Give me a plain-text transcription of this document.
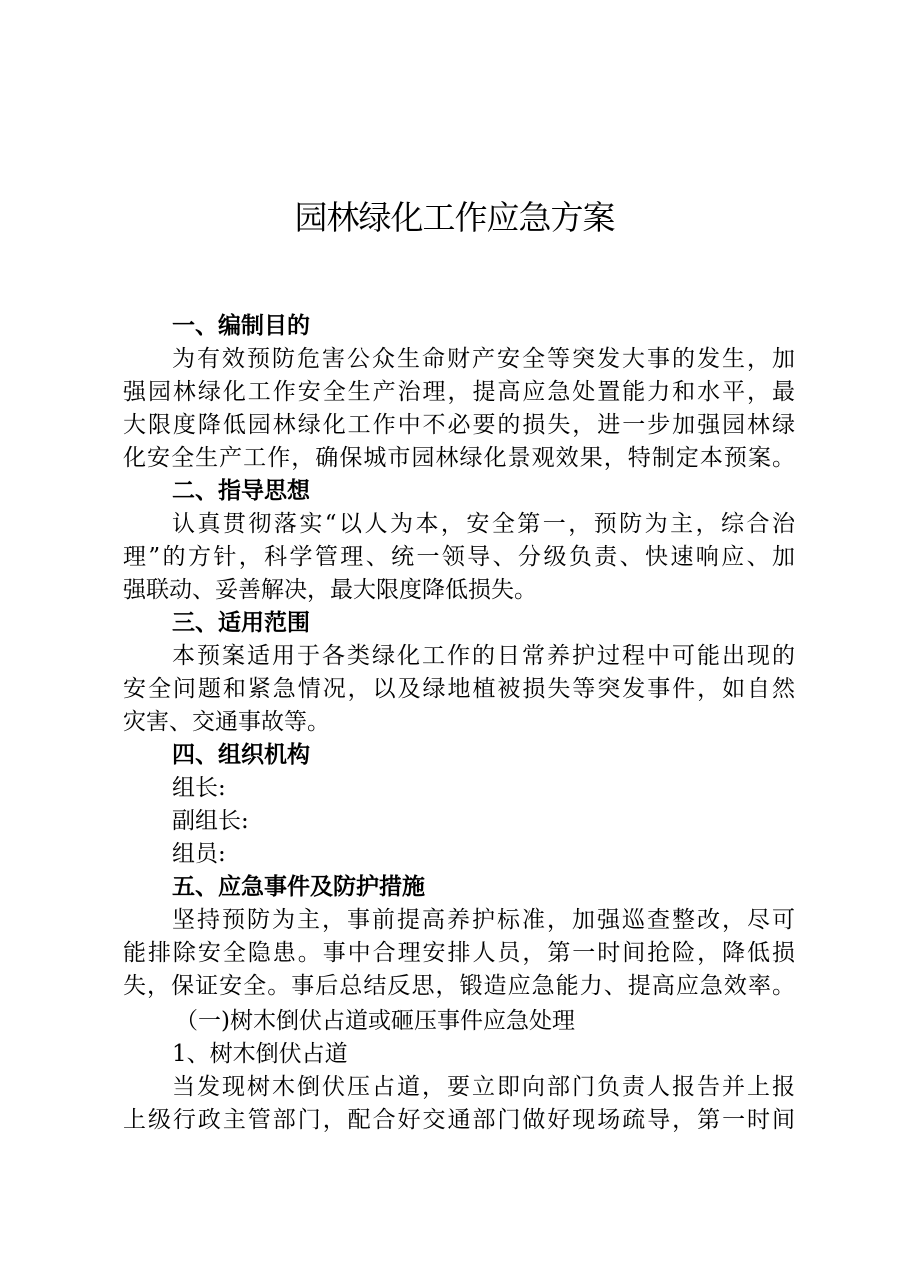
园林绿化工作应急方案
一、编制目的
为有效预防危害公众生命财产安全等突发大事的发生，加
强园林绿化工作安全生产治理，提高应急处置能力和水平，最
大限度降低园林绿化工作中不必要的损失，进一步加强园林绿
化安全生产工作，确保城市园林绿化景观效果，特制定本预案。
二、指导思想
认真贯彻落实“以人为本，安全第一，预防为主，综合治
理”的方针，科学管理、统一领导、分级负责、快速响应、加
强联动、妥善解决，最大限度降低损失。
三、适用范围
本预案适用于各类绿化工作的日常养护过程中可能出现的
安全问题和紧急情况，以及绿地植被损失等突发事件，如自然
灾害、交通事故等。
四、组织机构
组长:
副组长:
组员:
五、应急事件及防护措施
坚持预防为主，事前提高养护标准，加强巡查整改，尽可
能排除安全隐患。事中合理安排人员，第一时间抢险，降低损
失，保证安全。事后总结反思，锻造应急能力、提高应急效率。
（一)树木倒伏占道或砸压事件应急处理
1、树木倒伏占道
当发现树木倒伏压占道，要立即向部门负责人报告并上报
上级行政主管部门，配合好交通部门做好现场疏导，第一时间
